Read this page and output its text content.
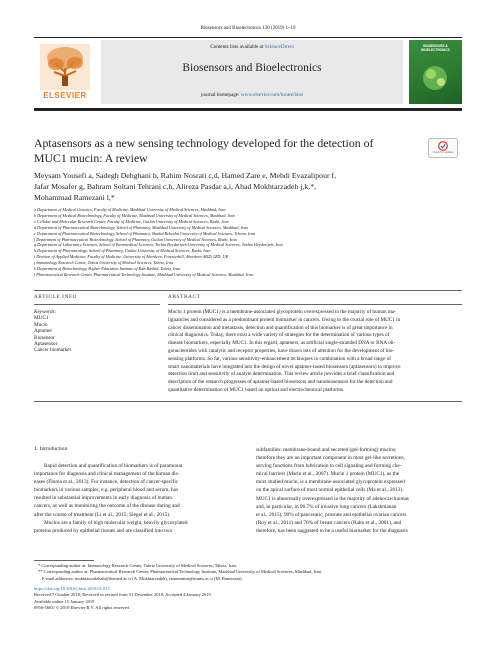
Biosensors and Bioelectronics 130 (2019) 1–19
ELSEVIER
Contents lists available at ScienceDirect
Biosensors and Bioelectronics
journal homepage: www.elsevier.com/locate/bios
BIOSENSORS & BIOELECTRONICS
Aptasensors as a new sensing technology developed for the detection of
MUC1 mucin: A review	Check for updates
Meysam Yousefi a, Sadegh Dehghani b, Rahim Nosrati c,d, Hamed Zare e, Mehdi Evazalipour f,
Jafar Mosafer g, Bahram Soltani Tehrani c,h, Alireza Pasdar a,i, Ahad Mokhtarzadeh j,k,*,
Mohammad Ramezani l,*
a Department of Medical Genetics, Faculty of Medicine, Mashhad University of Medical Sciences, Mashhad, Iran
b Department of Medical Biotechnology, Faculty of Medicine, Mashhad University of Medical Sciences, Mashhad, Iran
c Cellular and Molecular Research Center, Faculty of Medicine, Guilan University of Medical Sciences, Rasht, Iran
d Department of Pharmaceutical Biotechnology, School of Pharmacy, Mashhad University of Medical Sciences, Mashhad, Iran
e Department of Pharmaceutical Biotechnology, School of Pharmacy, Shahid Beheshti University of Medical Sciences, Tehran, Iran
f Department of Pharmaceutical Biotechnology, School of Pharmacy, Guilan University of Medical Sciences, Rasht, Iran
g Department of Laboratory Sciences, School of Paramedical Sciences, Torbat Heydariyeh University of Medical Sciences, Torbat Heydariyeh, Iran
h Department of Pharmacology, School of Pharmacy, Guilan University of Medical Sciences, Rasht, Iran
i Division of Applied Medicine, Faculty of Medicine, University of Aberdeen, Foresterhill, Aberdeen AB25 2ZD, UK
j Immunology Research Center, Tabriz University of Medical Sciences, Tabriz, Iran
k Department of Biotechnology, Higher Education Institute of Rab-Rashid, Tabriz, Iran
l Pharmaceutical Research Center, Pharmaceutical Technology Institute, Mashhad University of Medical Sciences, Mashhad, Iran
ARTICLE INFO	ABSTRACT
Keywords:
MUC1
Mucin
Aptamer
Biosensor
Aptasensor
Cancer biomarker
Mucin 1 protein (MUC1) is a membrane-associated glycoprotein overexpressed in the majority of human ma-
lignancies and considered as a predominant protein biomarker in cancers. Owing to the crucial role of MUC1 in
cancer dissemination and metastasis, detection and quantification of this biomarker is of great importance in
clinical diagnostics. Today, there exist a wide variety of strategies for the determination of various types of
disease biomarkers, especially MUC1. In this regard, aptamers, as artificial single-stranded DNA or RNA oli-
gonucleotides with catalytic and receptor properties, have drawn lots of attention for the development of bio-
sensing platforms. So far, various sensitivity-enhancement techniques in combination with a broad range of
smart nanomaterials have integrated into the design of novel aptamer-based biosensors (aptasensors) to improve
detection limit and sensitivity of analyte determination. This review article provides a brief classification and
description of the research progresses of aptamer-based biosensors and nanobiosensors for the detection and
quantitative determination of MUC1 based on optical and electrochemical platforms.
1. Introduction
Rapid detection and quantification of biomarkers is of paramount
importance for diagnosis and clinical management of the human dis-
eases (Florea et al., 2013). For instance, detection of cancer-specific
biomarkers in various samples, e.g. peripheral blood and serum, has
resulted in substantial improvements in early diagnosis of human
cancers, as well as monitoring the outcome of the disease during and
after the course of treatment (Li et al., 2015; Siegel et al., 2015).
Mucins are a family of high molecular weight, heavily glycosylated
proteins produced by epithelial tissues and are classified into two
subfamilies: membrane-bound and secreted (gel-forming) mucins;
therefore they are an important component in most gel-like secretions,
serving functions from lubrication to cell signaling and forming che-
mical barriers (Marin et al., 2007). Mucin 1 protein (MUC1), as the
most studied mucin, is a membrane-associated glycoprotein expressed
on the apical surface of most normal epithelial cells (Ma et al., 2013).
MUC1 is abnormally overexpressed in the majority of adenocarcinomas
and, in particular, in 96.7% of invasive lung cancers (Lakshmanan
et al., 2015), 90% of pancreatic, prostate and epithelial ovarian cancers
(Roy et al., 2011) and 70% of breast cancers (Rahn et al., 2001), and
therefore, has been suggested to be a useful biomarker for the diagnosis
* Corresponding author at: Immunology Research Center, Tabriz University of Medical Sciences, Tabriz, Iran.
** Corresponding author at: Pharmaceutical Research Center, Pharmaceutical Technology Institute, Mashhad University of Medical Sciences, Mashhad, Iran.
E-mail addresses: mokhtarzadehab@tbzmed.ac.ir (A. Mokhtarzadeh), ramezanim@mums.ac.ir (M. Ramezani).
https://doi.org/10.1016/j.bios.2019.01.015
Received 7 October 2018; Received in revised form 31 December 2018; Accepted 4 January 2019
Available online 15 January 2019
0956-5663/ © 2019 Elsevier B.V. All rights reserved.
